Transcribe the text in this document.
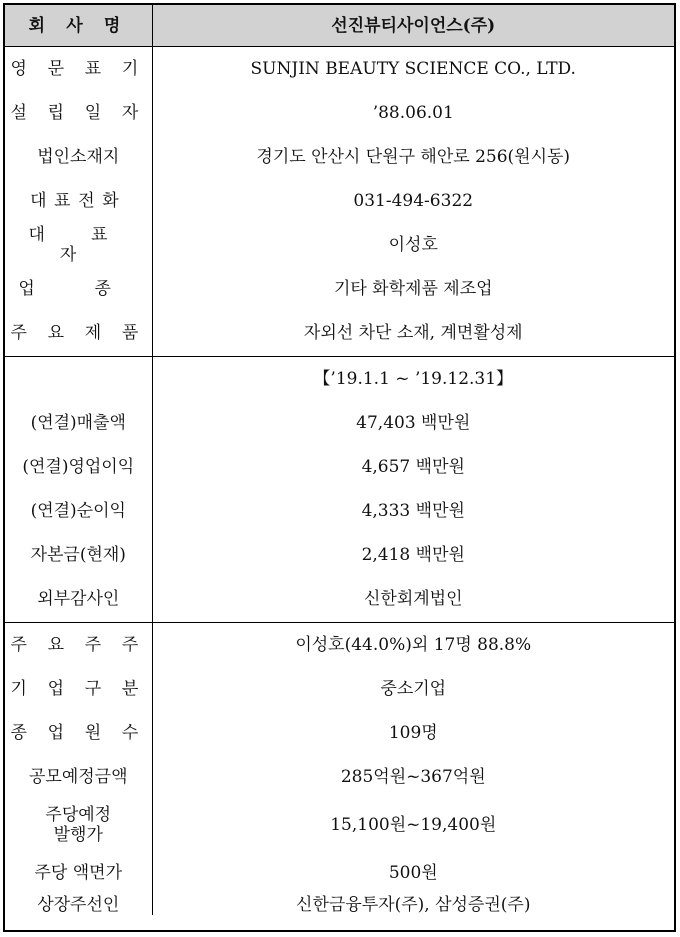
회 사 명	선진뷰티사이언스(주)
영 문 표 기	SUNJIN BEAUTY SCIENCE CO., LTD.
설 립 일 자	’88.06.01
법인소재지	경기도 안산시 단원구 해안로 256(원시동)
대표전화	031-494-6322
대 표 자	이성호
업 종	기타 화학제품 제조업
주 요 제 품	자외선 차단 소재, 계면활성제
	【’19.1.1 ~ ’19.12.31】
(연결)매출액	47,403 백만원
(연결)영업이익	4,657 백만원
(연결)순이익	4,333 백만원
자본금(현재)	2,418 백만원
외부감사인	신한회계법인
주 요 주 주	이성호(44.0%)외 17명 88.8%
기 업 구 분	중소기업
종 업 원 수	109명
공모예정금액	285억원~367억원

주당예정
발행가	15,100원~19,400원
주당 액면가	500원
상장주선인	신한금융투자(주), 삼성증권(주)
